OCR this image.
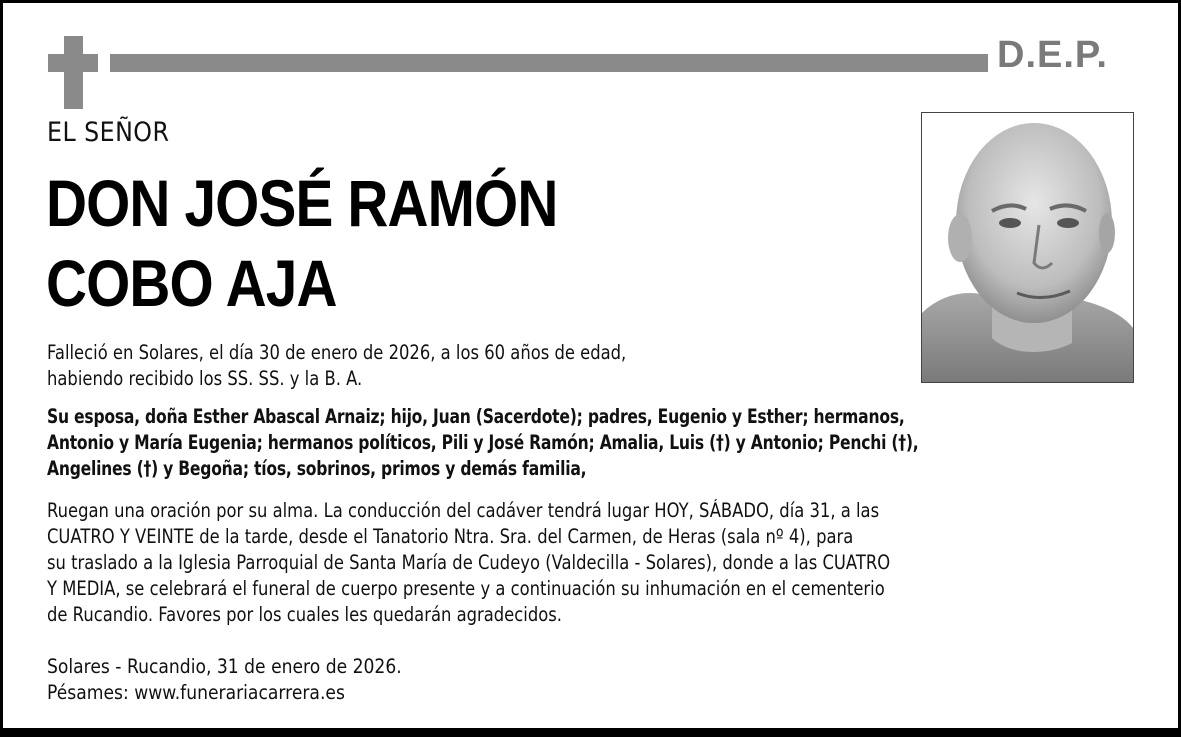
D.E.P.
EL SEÑOR
DON JOSÉ RAMÓN
COBO AJA
Falleció en Solares, el día 30 de enero de 2026, a los 60 años de edad,
habiendo recibido los SS. SS. y la B. A.
Su esposa, doña Esther Abascal Arnaiz; hijo, Juan (Sacerdote); padres, Eugenio y Esther; hermanos,
Antonio y María Eugenia; hermanos políticos, Pili y José Ramón; Amalia, Luis (†) y Antonio; Penchi (†),
Angelines (†) y Begoña; tíos, sobrinos, primos y demás familia,
Ruegan una oración por su alma. La conducción del cadáver tendrá lugar HOY, SÁBADO, día 31, a las
CUATRO Y VEINTE de la tarde, desde el Tanatorio Ntra. Sra. del Carmen, de Heras (sala nº 4), para
su traslado a la Iglesia Parroquial de Santa María de Cudeyo (Valdecilla - Solares), donde a las CUATRO
Y MEDIA, se celebrará el funeral de cuerpo presente y a continuación su inhumación en el cementerio
de Rucandio. Favores por los cuales les quedarán agradecidos.
Solares - Rucandio, 31 de enero de 2026.
Pésames: www.funerariacarrera.es
